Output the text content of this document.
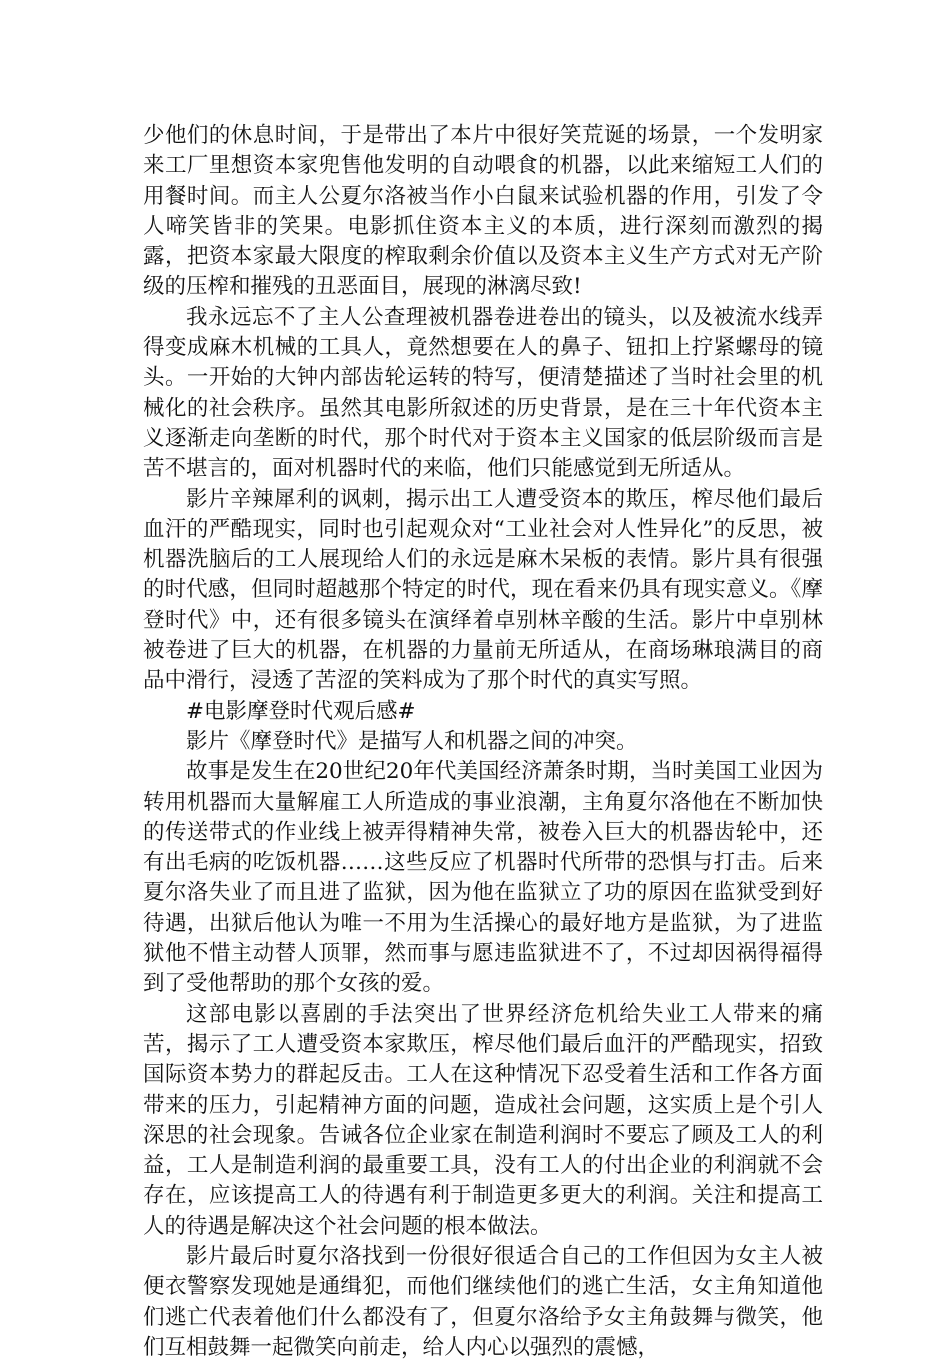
少他们的休息时间，于是带出了本片中很好笑荒诞的场景，一个发明家来工厂里想资本家兜售他发明的自动喂食的机器，以此来缩短工人们的用餐时间。而主人公夏尔洛被当作小白鼠来试验机器的作用，引发了令人啼笑皆非的笑果。电影抓住资本主义的本质，进行深刻而激烈的揭露，把资本家最大限度的榨取剩余价值以及资本主义生产方式对无产阶级的压榨和摧残的丑恶面目，展现的淋漓尽致!

我永远忘不了主人公查理被机器卷进卷出的镜头，以及被流水线弄得变成麻木机械的工具人，竟然想要在人的鼻子、钮扣上拧紧螺母的镜头。一开始的大钟内部齿轮运转的特写，便清楚描述了当时社会里的机械化的社会秩序。虽然其电影所叙述的历史背景，是在三十年代资本主义逐渐走向垄断的时代，那个时代对于资本主义国家的低层阶级而言是苦不堪言的，面对机器时代的来临，他们只能感觉到无所适从。

影片辛辣犀利的讽刺，揭示出工人遭受资本的欺压，榨尽他们最后血汗的严酷现实，同时也引起观众对“工业社会对人性异化”的反思，被机器洗脑后的工人展现给人们的永远是麻木呆板的表情。影片具有很强的时代感，但同时超越那个特定的时代，现在看来仍具有现实意义。《摩登时代》中，还有很多镜头在演绎着卓别林辛酸的生活。影片中卓别林被卷进了巨大的机器，在机器的力量前无所适从，在商场琳琅满目的商品中滑行，浸透了苦涩的笑料成为了那个时代的真实写照。

#电影摩登时代观后感#

影片《摩登时代》是描写人和机器之间的冲突。

故事是发生在20世纪20年代美国经济萧条时期，当时美国工业因为转用机器而大量解雇工人所造成的事业浪潮，主角夏尔洛他在不断加快的传送带式的作业线上被弄得精神失常，被卷入巨大的机器齿轮中，还有出毛病的吃饭机器……这些反应了机器时代所带的恐惧与打击。后来夏尔洛失业了而且进了监狱，因为他在监狱立了功的原因在监狱受到好待遇，出狱后他认为唯一不用为生活操心的最好地方是监狱，为了进监狱他不惜主动替人顶罪，然而事与愿违监狱进不了，不过却因祸得福得到了受他帮助的那个女孩的爱。

这部电影以喜剧的手法突出了世界经济危机给失业工人带来的痛苦，揭示了工人遭受资本家欺压，榨尽他们最后血汗的严酷现实，招致国际资本势力的群起反击。工人在这种情况下忍受着生活和工作各方面带来的压力，引起精神方面的问题，造成社会问题，这实质上是个引人深思的社会现象。告诫各位企业家在制造利润时不要忘了顾及工人的利益，工人是制造利润的最重要工具，没有工人的付出企业的利润就不会存在，应该提高工人的待遇有利于制造更多更大的利润。关注和提高工人的待遇是解决这个社会问题的根本做法。

影片最后时夏尔洛找到一份很好很适合自己的工作但因为女主人被便衣警察发现她是通缉犯，而他们继续他们的逃亡生活，女主角知道他们逃亡代表着他们什么都没有了，但夏尔洛给予女主角鼓舞与微笑，他们互相鼓舞一起微笑向前走，给人内心以强烈的震憾，
